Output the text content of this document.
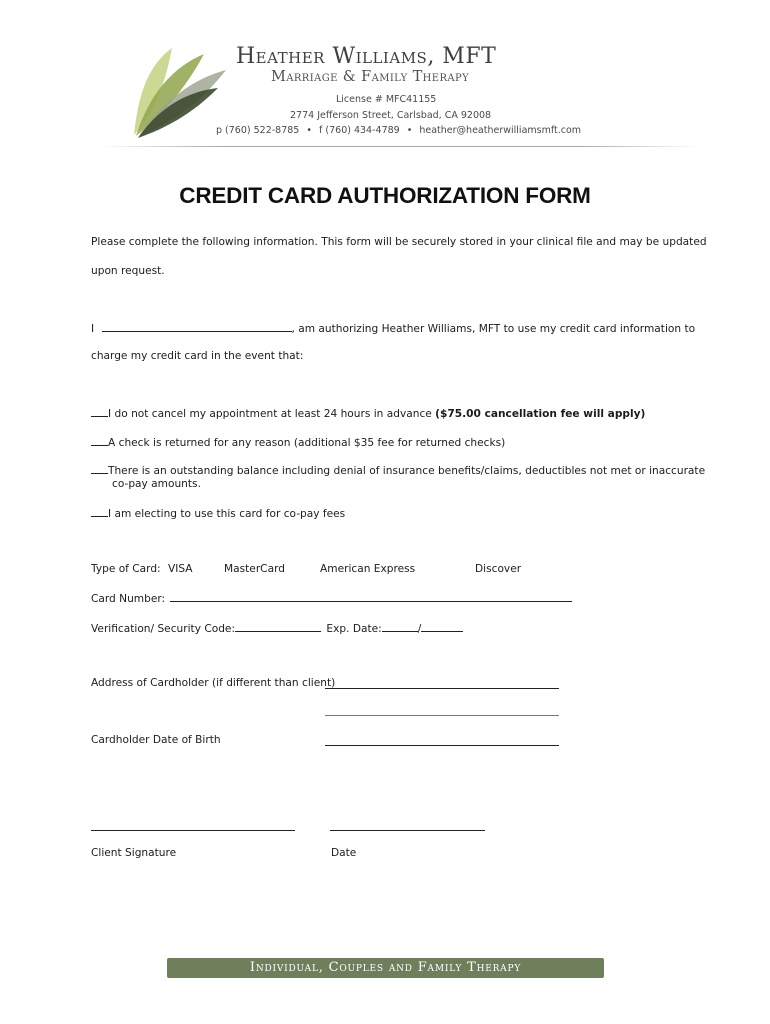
Heather Williams, MFT
Marriage & Family Therapy
License # MFC41155
2774 Jefferson Street, Carlsbad, CA 92008
p (760) 522-8785 • f (760) 434-4789 • heather@heatherwilliamsmft.com
CREDIT CARD AUTHORIZATION FORM
Please complete the following information. This form will be securely stored in your clinical file and may be updated
upon request.
I	, am authorizing Heather Williams, MFT to use my credit card information to
charge my credit card in the event that:
I do not cancel my appointment at least 24 hours in advance ($75.00 cancellation fee will apply)
A check is returned for any reason (additional $35 fee for returned checks)
There is an outstanding balance including denial of insurance benefits/claims, deductibles not met or inaccurate
co-pay amounts.
I am electing to use this card for co-pay fees
Type of Card: VISA	MasterCard	American Express	Discover
Card Number:
Verification/ Security Code:	Exp. Date:	/
Address of Cardholder (if different than client)
Cardholder Date of Birth
Client Signature	Date
Individual, Couples and Family Therapy
